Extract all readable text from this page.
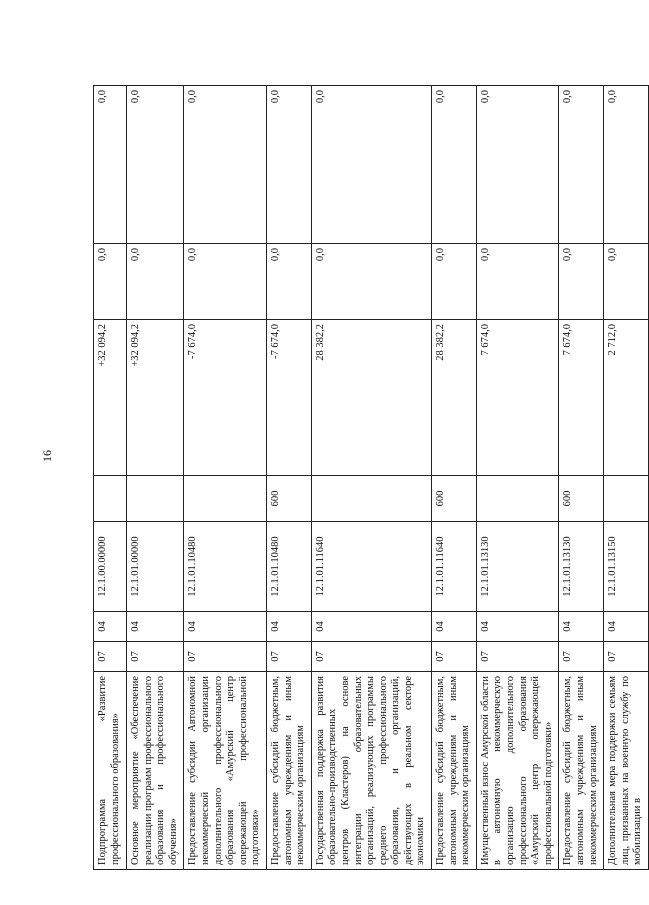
16
Подпрограмма «Развитие профессионального образования»	07	04	12.1.00.00000		+32 094,2	0,0	0,0
Основное мероприятие «Обеспечение реализации программ профессионального образования и профессионального обучения»	07	04	12.1.01.00000		+32 094,2	0,0	0,0
Предоставление субсидии Автономной некоммерческой организации дополнительного профессионального образования «Амурский центр опережающей профессиональной подготовки»	07	04	12.1.01.10480		-7 674,0	0,0	0,0
Предоставление субсидий бюджетным, автономным учреждениям и иным некоммерческим организациям	07	04	12.1.01.10480	600	-7 674,0	0,0	0,0
Государственная поддержка развития образовательно-производственных центров (Кластеров) на основе интеграции образовательных организаций, реализующих программы среднего профессионального образования, и организаций, действующих в реальном секторе экономики	07	04	12.1.01.11640		28 382,2	0,0	0,0
Предоставление субсидий бюджетным, автономным учреждениям и иным некоммерческим организациям	07	04	12.1.01.11640	600	28 382,2	0,0	0,0
Имущественный взнос Амурской области в автономную некоммерческую организацию дополнительного профессионального образования «Амурский центр опережающей профессиональной подготовки»	07	04	12.1.01.13130		7 674,0	0,0	0,0
Предоставление субсидий бюджетным, автономным учреждениям и иным некоммерческим организациям	07	04	12.1.01.13130	600	7 674,0	0,0	0,0
Дополнительная мера поддержки семьям лиц, призванных на военную службу по мобилизации в	07	04	12.1.01.13150		2 712,0	0,0	0,0
